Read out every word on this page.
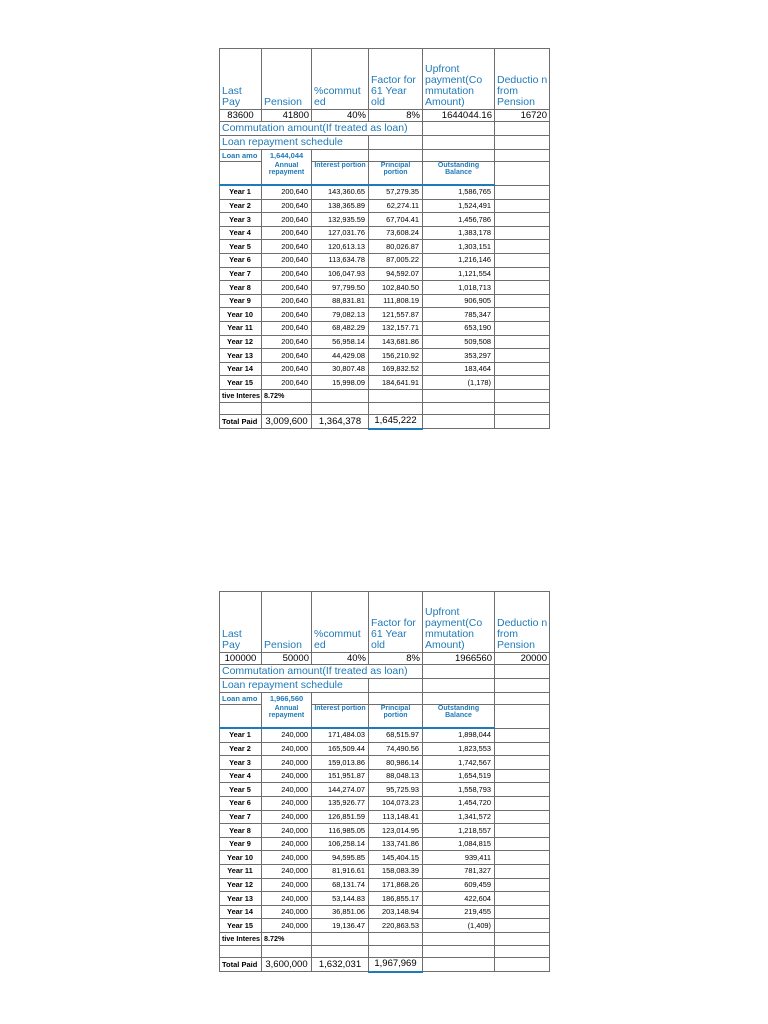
Last Pay	Pension	%commut ed	Factor for 61 Year old	Upfront payment(Co mmutation Amount)	Deductio n from Pension
83600	41800	40%	8%	1644044.16	16720
Commutation amount(If treated as loan)					
Loan repayment schedule					
Loan amo	1,644,044				
	Annual repayment	Interest portion	Principal portion	Outstanding Balance	
Year 1	200,640	143,360.65	57,279.35	1,586,765	
Year 2	200,640	138,365.89	62,274.11	1,524,491	
Year 3	200,640	132,935.59	67,704.41	1,456,786	
Year 4	200,640	127,031.76	73,608.24	1,383,178	
Year 5	200,640	120,613.13	80,026.87	1,303,151	
Year 6	200,640	113,634.78	87,005.22	1,216,146	
Year 7	200,640	106,047.93	94,592.07	1,121,554	
Year 8	200,640	97,799.50	102,840.50	1,018,713	
Year 9	200,640	88,831.81	111,808.19	906,905	
Year 10	200,640	79,082.13	121,557.87	785,347	
Year 11	200,640	68,482.29	132,157.71	653,190	
Year 12	200,640	56,958.14	143,681.86	509,508	
Year 13	200,640	44,429.08	156,210.92	353,297	
Year 14	200,640	30,807.48	169,832.52	183,464	
Year 15	200,640	15,998.09	184,641.91	(1,178)	
tive Interes	8.72%				

Total Paid	3,009,600	1,364,378	1,645,222		
Last Pay	Pension	%commut ed	Factor for 61 Year old	Upfront payment(Co mmutation Amount)	Deductio n from Pension
100000	50000	40%	8%	1966560	20000
Commutation amount(If treated as loan)					
Loan repayment schedule					
Loan amo	1,966,560				
	Annual repayment	Interest portion	Principal portion	Outstanding Balance	
Year 1	240,000	171,484.03	68,515.97	1,898,044	
Year 2	240,000	165,509.44	74,490.56	1,823,553	
Year 3	240,000	159,013.86	80,986.14	1,742,567	
Year 4	240,000	151,951.87	88,048.13	1,654,519	
Year 5	240,000	144,274.07	95,725.93	1,558,793	
Year 6	240,000	135,926.77	104,073.23	1,454,720	
Year 7	240,000	126,851.59	113,148.41	1,341,572	
Year 8	240,000	116,985.05	123,014.95	1,218,557	
Year 9	240,000	106,258.14	133,741.86	1,084,815	
Year 10	240,000	94,595.85	145,404.15	939,411	
Year 11	240,000	81,916.61	158,083.39	781,327	
Year 12	240,000	68,131.74	171,868.26	609,459	
Year 13	240,000	53,144.83	186,855.17	422,604	
Year 14	240,000	36,851.06	203,148.94	219,455	
Year 15	240,000	19,136.47	220,863.53	(1,409)	
tive Interes	8.72%				

Total Paid	3,600,000	1,632,031	1,967,969		
